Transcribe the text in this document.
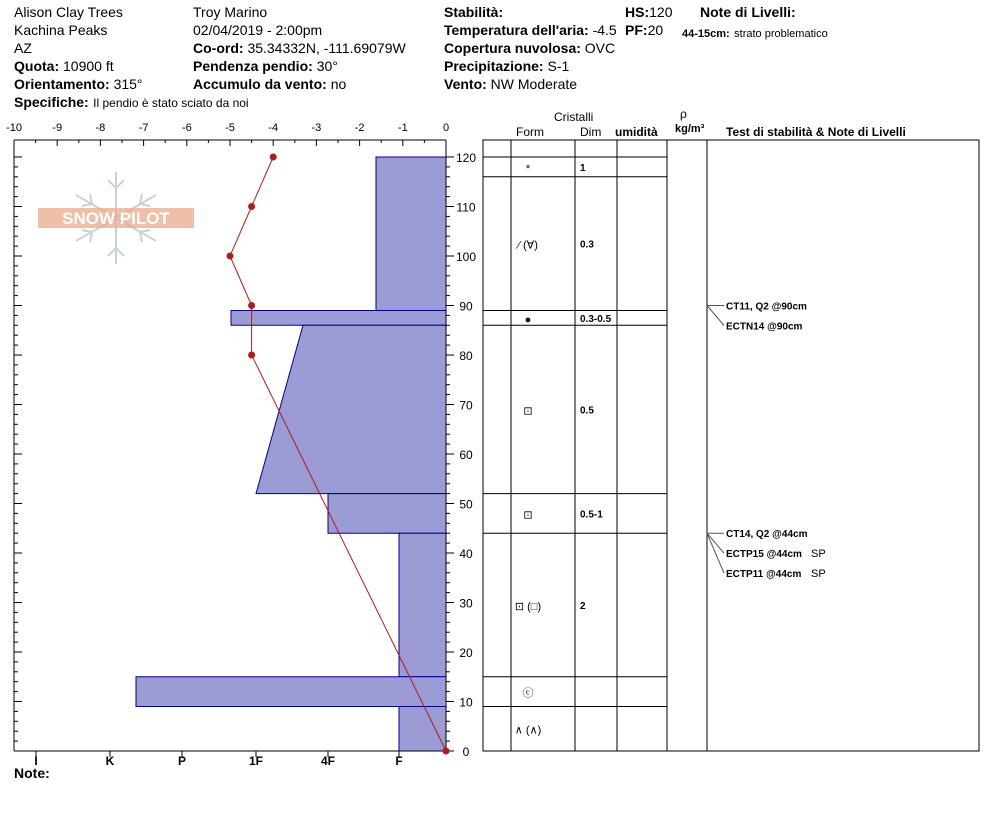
Alison Clay Trees
Kachina Peaks
AZ
Quota: 10900 ft
Orientamento: 315°
Specifiche: Il pendio è stato sciato da noi
Troy Marino
02/04/2019 - 2:00pm
Co-ord: 35.34332N, -111.69079W
Pendenza pendio: 30°
Accumulo da vento: no
Stabilità:
Temperatura dell'aria: -4.5
Copertura nuvolosa: OVC
Precipitazione: S-1
Vento: NW Moderate
HS:120
PF:20
Note di Livelli:
44-15cm: strato problematico
Cristalli
Form	Dim umidità
ρ
kg/m³ Test di stabilità & Note di Livelli
Note:
-10	-9	-8	-7	-6	-5	-4	-3	-2	-1	0
0
10
20
30
40
50
60
70
80
90
100
110
120
I	K	P	1F	4F	F
*	1
⁄ (∀)	0.3
●	0.3-0.5
⊡	0.5
⊡	0.5-1
⊡ (□)	2
ⓒ
∧ (∧)
CT14, Q2 @44cm
ECTP15 @44cm SP
ECTP11 @44cm SP
CT11, Q2 @90cm
ECTN14 @90cm
SNOW PILOT
